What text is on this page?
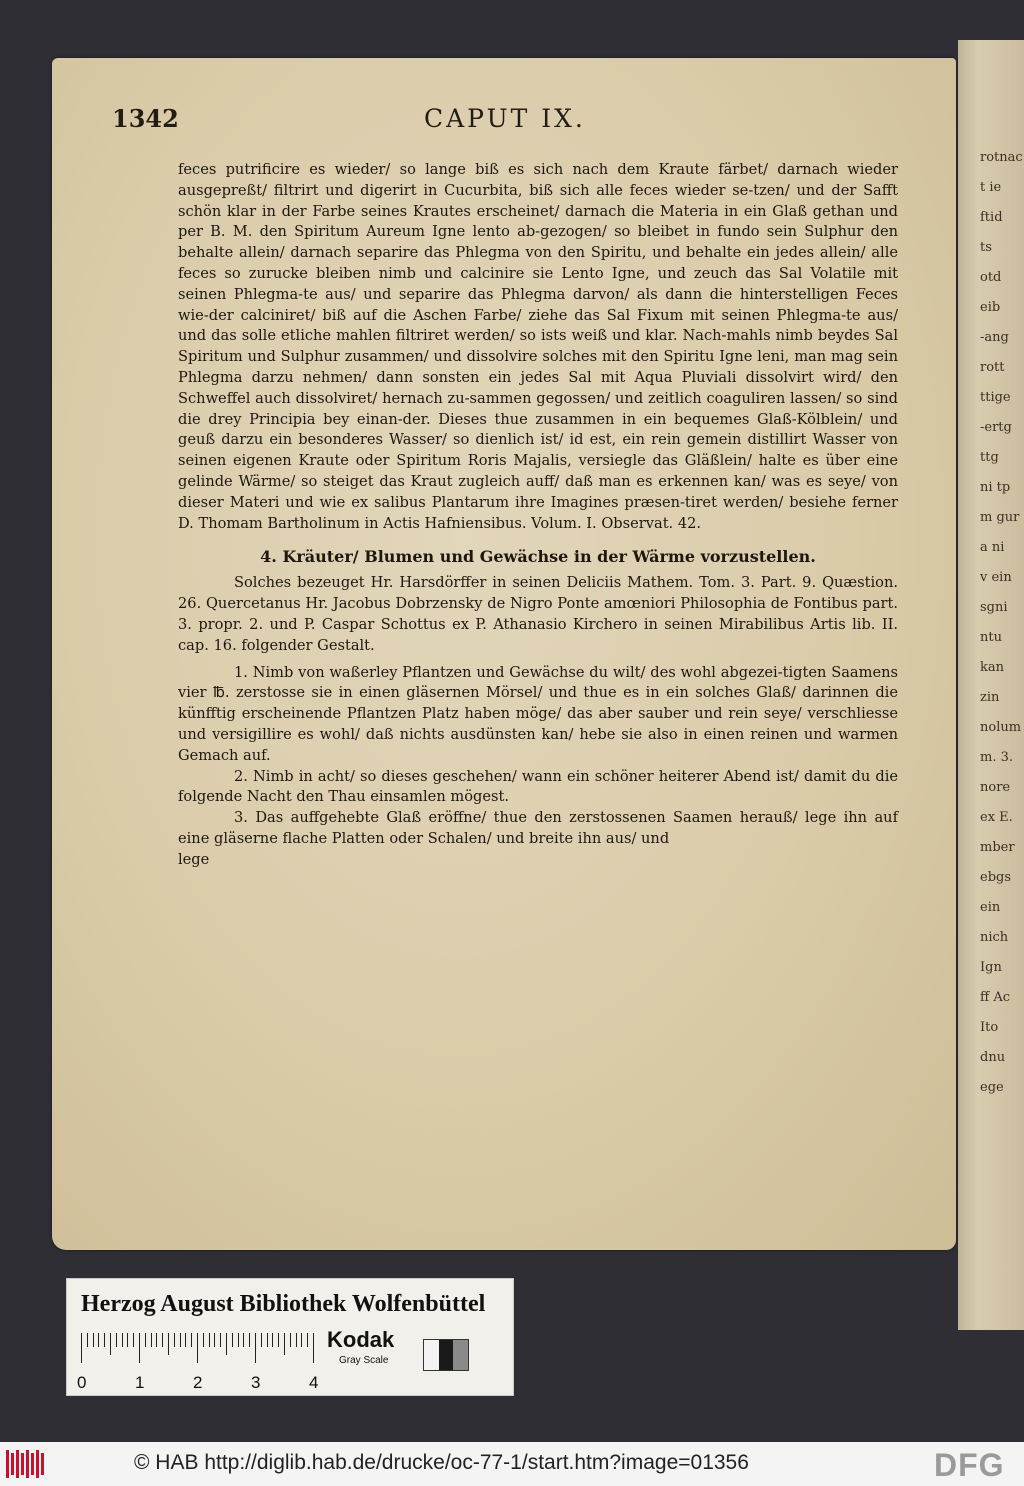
rotnac
t ie
ftid
ts
otd
eib
-ang
rott
ttige
-ertg
ttg
ni tp
m gur
a ni
v ein
sgni
ntu
kan
zin
nolum
m. 3.
nore
ex E.
mber
ebgs
ein
nich
Ign
ff Ac
Ito
dnu
ege
1342	CAPUT IX.

feces putrificire es wieder/ so lange biß es sich nach dem Kraute färbet/ darnach wieder ausgepreßt/ filtrirt und digerirt in Cucurbita, biß sich alle feces wieder se-tzen/ und der Safft schön klar in der Farbe seines Krautes erscheinet/ darnach die Materia in ein Glaß gethan und per B. M. den Spiritum Aureum Igne lento ab-gezogen/ so bleibet in fundo sein Sulphur den behalte allein/ darnach separire das Phlegma von den Spiritu, und behalte ein jedes allein/ alle feces so zurucke bleiben nimb und calcinire sie Lento Igne, und zeuch das Sal Volatile mit seinen Phlegma-te aus/ und separire das Phlegma darvon/ als dann die hinterstelligen Feces wie-der calciniret/ biß auf die Aschen Farbe/ ziehe das Sal Fixum mit seinen Phlegma-te aus/ und das solle etliche mahlen filtriret werden/ so ists weiß und klar. Nach-mahls nimb beydes Sal Spiritum und Sulphur zusammen/ und dissolvire solches mit den Spiritu Igne leni, man mag sein Phlegma darzu nehmen/ dann sonsten ein jedes Sal mit Aqua Pluviali dissolvirt wird/ den Schweffel auch dissolviret/ hernach zu-sammen gegossen/ und zeitlich coaguliren lassen/ so sind die drey Principia bey einan-der. Dieses thue zusammen in ein bequemes Glaß-Kölblein/ und geuß darzu ein besonderes Wasser/ so dienlich ist/ id est, ein rein gemein distillirt Wasser von seinen eigenen Kraute oder Spiritum Roris Majalis, versiegle das Gläßlein/ halte es über eine gelinde Wärme/ so steiget das Kraut zugleich auff/ daß man es erkennen kan/ was es seye/ von dieser Materi und wie ex salibus Plantarum ihre Imagines præsen-tiret werden/ besiehe ferner D. Thomam Bartholinum in Actis Hafniensibus. Volum. I. Observat. 42.

4. Kräuter/ Blumen und Gewächse in der Wärme vorzustellen.

Solches bezeuget Hr. Harsdörffer in seinen Deliciis Mathem. Tom. 3. Part. 9. Quæstion. 26. Quercetanus Hr. Jacobus Dobrzensky de Nigro Ponte amœniori Philosophia de Fontibus part. 3. propr. 2. und P. Caspar Schottus ex P. Athanasio Kirchero in seinen Mirabilibus Artis lib. II. cap. 16. folgender Gestalt.

1. Nimb von waßerley Pflantzen und Gewächse du wilt/ des wohl abgezei-tigten Saamens vier ℔. zerstosse sie in einen gläsernen Mörsel/ und thue es in ein solches Glaß/ darinnen die künfftig erscheinende Pflantzen Platz haben möge/ das aber sauber und rein seye/ verschliesse und versigillire es wohl/ daß nichts ausdünsten kan/ hebe sie also in einen reinen und warmen Gemach auf.

2. Nimb in acht/ so dieses geschehen/ wann ein schöner heiterer Abend ist/ damit du die folgende Nacht den Thau einsamlen mögest.

3. Das auffgehebte Glaß eröffne/ thue den zerstossenen Saamen herauß/ lege ihn auf eine gläserne flache Platten oder Schalen/ und breite ihn aus/ und

lege

Herzog August Bibliothek Wolfenbüttel
0	1	2	3	4
Kodak
Gray Scale
© HAB http://diglib.hab.de/drucke/oc-77-1/start.htm?image=01356	DFG
